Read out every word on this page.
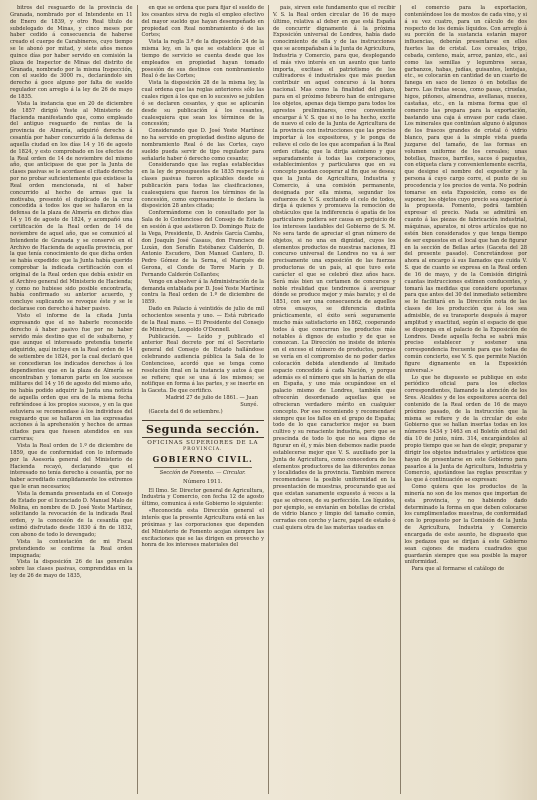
bitros del resguardo de la provincia de Granada, nombrado por el Intendente en 11 de Enero de 1839, y otro Real título de subdelegado de Minas, y cinco meses por haber cedido á consecuencia de haberse creado el cuerpo de Carabineros, cuyo tiempo se le abonó por mitad, y siete años menos quince días por haber servido en comisión la plaza de Inspector de Minas del distrito de Granada, nombrado por la misma Inspección, con el sueldo de 3000 rs., declarándolo sin derecho á goce alguno por falta de sueldo regulador con arreglo á la ley de 26 de mayo de 1835.

Vista la instancia que en 20 de diciembre de 1857 dirigió Yeste al Ministerio de Hacienda manifestando que, como empleado del antiguo resguardo de rentas de la provincia de Almería, adquirió derecho á cesantía por haber concurrido á la defensa de aquella ciudad en los días 14 y 16 de agosto de 1824, y esto comprobado en los efectos de la Real orden de 14 de noviembre del mismo año, que anticipase de que por la Junta de clases pasivas se le acordase el citado derecho por no probar suficientemente que existiese la Real orden mencionada, ni el haber concurrido al hecho de armas que la motivaba, presentó el duplicado de la cruz concedida á todos los que se hallaron en la defensa de la plaza de Almería en dichos días 14 y 16 de agosto de 1824, y acompañó una certificación de la Real orden de 14 de noviembre de aquel año, que se comunicó al Intendente de Granada y se conservó en el Archivo de Hacienda de aquella provincia, por la que tenía conocimiento de que dicha orden se había expedido: que la Junta había querido comprobar la indicada certificación con el original de la Real orden que debía existir en el Archivo general del Ministerio de Hacienda; y como no hubiese sido posible encontrarla, había confirmado su anterior acuerdo, y concluye suplicando se revoque éste y se le declarase con derecho á haber pasivo.

Visto el informe de la citada Junta expresando que el no haberle reconocido derecho á haber pasivo fue por no haber servido más destino que el de subalterno, y que aunque el interesado pretendía tenerle adquirido, aquí incluye en la Real orden de 14 de setiembre de 1824, por la cual declaró que se concedieran los indicados derechos á los dependientes que en la plaza de Almería se encontraban y tomaron parte en los sucesos militares del 14 y 16 de agosto del mismo año, no había podido adquirir la Junta una noticia de aquella orden que era de la misma fecha refiriéndose á los propios sucesos, y en la que estuviera se recomendase á los individuos del resguardo que se hallaron en las expresadas acciones á la aprehensión y hechos de armas citados para que fuesen atendidos en sus carreras;

Vista la Real orden de 1.º de diciembre de 1859, que de conformidad con lo informado por la Asesoría general del Ministerio de Hacienda recayó, declarando que el interesado no tenía derecho á cesantía, por no haber acreditado cumplidamente los extremos que le eran necesarios;

Vista la demanda presentada en el Consejo de Estado por el licenciado D. Manuel Malo de Molina, en nombre de D. José Yeste Martínez, solicitando la revocación de la indicada Real orden, y la concesión de la cesantía que estimó disfrutado desde 1830 á fin de 1832, con abono de todo lo devengado;

Vista la contestación de mi Fiscal pretendiendo se confirme la Real orden impugnada;

Vista la disposición 26 de las generales sobre las clases pasivas, comprendidas en la ley de 26 de mayo de 1835,

en que se ordena que para fijar el sueldo de los cesantes sirva de regla el empleo efectivo del mayor sueldo que hayan desempeñado en propiedad con Real nombramiento ó de las Cortes;

Vista la regla 3.ª de la disposición 24 de la misma ley, en la que se establece que el tiempo de servicio se cuenta desde que los empleados en propiedad hayan tomado posesión de sus destinos con nombramiento Real ó de las Cortes;

Vista la disposición 28 de la misma ley, la cual ordena que las reglas anteriores sólo las cuales rigen á los que en lo sucesivo se jubilen ó se declaren cesantes, y que se aplicarán desde su publicación á los cesantes, cualesquiera que sean los términos de la concesión;

Considerando que D. José Yeste Martínez no ha servido en propiedad destino alguno de nombramiento Real ó de las Cortes, cayo sueldo pueda servir de tipo regulador para señalarle haber ó derecho como cesante;

Considerando que las reglas establecidas en la ley de presupuestos de 1835 respecto á clases pasivas fueron aplicables desde su publicación para todas las clasificaciones, cualesquiera que fueron los términos de la concesión, como expresamente lo declara la disposición 28 antes citada;

Conformándome con lo consultado por la Sala de lo Contencioso del Consejo de Estado en sesión á que asistieron D. Domingo Ruiz de la Vega, Presidente, D. Andrés García Camba, don Joaquín José Casaus, don Francisco de Luxán, don Serafín Estébanez Calderón, D. Antonio Escudero, Don Manuel Cantero, D. Pedro Gómez de la Serna, el Marqués de Gerona, el Conde de Torre Marín y D. Fernando Calderón Collantes;

Vengo en absolver á la Administración de la demanda entablada por D. José Yeste Martínez contra la Real orden de 1.º de diciembre de 1859.

Dado en Palacio á veintidós de julio de mil ochocientos sesenta y uno. — Está rubricado de la Real mano. — El Presidente del Consejo de Ministros, Leopoldo O'Donnell.

Publicación. — Leído y publicado el anterior Real decreto por mí el Secretario general del Consejo de Estado hallándose celebrando audiencia pública la Sala de lo Contencioso, acordó que se tenga como resolución final en la instancia y autos á que se refiere; que se una á los mismos; se notifique en forma á las partes, y se inserte en la Gaceta. De que certifico.

Madrid 27 de julio de 1861. — Juan Sunyé.

(Gaceta del 6 de setiembre.)

Segunda sección.
OFICINAS SUPERIORES DE LA
PROVINCIA.
GOBIERNO CIVIL.
Sección de Fomento. — Circular.
Número 1911.

El Ilmo. Sr. Director general de Agricultura, Industria y Comercio, con fecha 12 de agosto último, comunica á este Gobierno lo siguiente:

«Reconocida esta Dirección general el interés que la presente Agricultura está en las próximas y las corporaciones que dependen del Ministerio de Fomento acojan siempre las excitaciones que se las dirigen en provecho y honra de los intereses materiales del

país, sirven este fundamento que el recibir V. S. la Real orden circular de 16 de mayo último, relativa al deber en que está España de concurrir dignamente á la próxima Exposición universal de Londres, había dado conocimiento de ella y de las instrucciones que se acompañaban á la Junta de Agricultura, Industria y Comercio, para que, desplegando el más vivo interés en un asunto que tanto importa, excitase el patriotismo de los cultivadores é industriales que más puedan contribuir en aquel concurso á la honra nacional. Mas como la finalidad del plazo, para en el próximo febrero han de entregarse los objetos, apenas deja tiempo para todos los aprestos preliminares, cree conveniente encargar á V. S. que si no lo ha hecho, excite de nuevo el celo de la Junta de Agricultura de la provincia con instrucciones que las preciso importar á los expositores, y le ponga de relieve el celo de los que acompañan á la Real orden citada; que la dirija asimismo y que separadamente á todas las corporaciones, establecimientos y particulares que en su concepto puedan cooperar al fin que se desea; que la Junta de Agricultura, Industria y Comercio, á una comisión permanente, designada por ella misma, segundar los esfuerzos de V. S. excitando el celo de todos, dirija á quienes y promueva la remoción de obstáculos que la indiferencia ó apatía de los particulares pudiera ser causa en perjuicio de los intereses laudables del Gobierno de S. M. No sera tarde de apreciar el gran número de objetos, si no una en dignidad, cuyos los elementos productos de nuestras naciones, El concurso universal de Londres no va á ser precisamente una exposición de las fuerzas productoras de un país, al que tuvo este carácter el que se celebró diez años hace. Será más bien un certamen de concursos y noble rivalidad que tendremos á averiguar dónde se produce mejor y más barato; y el de 1851, con ser una consecuencia de aquellos otros ensayos, se diferencia distinta prácticamente, el éxito será seguramente mucho más satisfactorio en 1862, cooperando todos á que concurran los productos más notables á dignos de estudio y de que se conozcan. La Dirección no insiste de interés en el exceso el número de productos, porque se vería en el compromiso de no poder darles colocación debida atendiendo al limitado espacio concedido á cada Nación, y porque además es el número que sin la harían de ella en España, y uno más ocupándose en el palacio mismo de Londres, también que ofrecerán desordenado aquellas que se ofrecieran verdadero mérito en cualquier concepto. Por eso recomiendo y recomendaré siempre que los fallos en el grupo de España; todo de lo que caracterice mejor su buen cultivo y su renaciente industria, pero que se prescinda de todo lo que no sea digno de figurar en él, y más bien debemos nadie puede establecerse mejor que V. S. auxiliado por la Junta de Agricultura, como conocedora de los elementos productores de las diferentes zonas y localidades de la provincia. También merece recomendarse la posible uniformidad en la presentación de muestras, procurando que así que existan sanamente expuesto á veces a la que se ofrecen, de su perfección. Los líquidos, por ejemplo, se enviarán en botellas de cristal de vidrio blanco y limpio del tamaño común, cerradas con corcho y lacre, papel de estaño ó cual quiera otra de las materias usadas en

el comercio para la exportación, conteniéndose los de mostos de cada vino, y si á su vez cuatro, para un cálculo de dos respecto de los demás líquidos. Con arreglo á su porción de la sustancia estarán mayor influencias, deberán presentarse en ellos fuertes las de cristal. Los cereales, trigo, cebada, centeno, maíz, arroz, panizo, etc., así como las semillas y legumbres secas, garbanzos, habas, judías, guisantes, lentejas, etc., se colocarán en cantidad de un cuarto de fanega en saco de lienzo ó en botellas de barro. Las frutas secas, como pasas, ciruelas, higos, piñones, almendras, avellanas, nueces, castañas, etc., en la misma forma que el comercio las prepara para la exportación, bastando una caja á envase por cada clase. Los minerales que continúan alguno ó algunos de los frascos grandes de cristal ó vidrio blanco, para que á la simple vista pueda juzgarse del tamaño, de las formas en volumen uniforme de los cereales; unas botellas, frascos, barriles, sacos ó paquetes, con etiqueta clara y convenientemente escrita, que designe el nombre del expositor y la persona á cuyo cargo corre, el punto de su procedencia y los precios de venta. No podrán tomarse en esta Exposición, como es de suponer, los objetos cuyo precio sea superior á la propuesta. Fomento, podrá también expresar el precio. Nada se admitirá en cuanto á las piezas de fabricación industrial, máquinas, aparatos, ni otros artículos que no estén bien considerados y que tenga tiempo de ser expuestos en el local que han de figurar en la sección de Bellas artes (Gaceta del 28 del presente pasado). Concretándose por ahora al encargo á sus llamados que cuida V. S. que de cuanto se expresa en la Real orden de 16 de mayo, y de la Comisión dirigirá cuantas instrucciones estimen conducentes, y tomará las medidas que considere oportunas para que antes del 30 del inmediato setiembre se le facilitará en la Dirección nota de las clases de los producción que á los sea admisible, de su transporte después á mayor amplitud y exactitud, según el espacio de que se disponga en el palacio de la Exposición de Londres. Desde aquella fecha se sabrá más preciso establecer y sostener una correspondencia frecuente para que todas de común concierto, ese V. S. que permite Nación figure dignamente en la Exposición universal.»

Lo que he dispuesto se publique en este periódico oficial para los efectos correspondientes, llamando la atención de los Sres. Alcaldes y de los expositores acerca del contenido de la Real orden de 16 de mayo próximo pasado, de la instrucción que la misma se refiere y de la circular de este Gobierno que se hallan insertas todas en los números 1434 y 1463 en el Boletín oficial del día 10 de junio, núm. 314, encargándoles al propio tiempo que se han de elegir, preparar y dirigir los objetos industriales y artísticos que hayan de presentarse en este Gobierno para pasarlos á la Junta de Agricultura, Industria y Comercio, ajustándose las reglas prescritas y las que á continuación se expresan:

Como quiera que los productos de la minería no son de los menos que importan de esta provincia, y no habiendo dado determinado la forma en que deben colocarse los cumplimentados muestras, de conformidad con lo propuesto por la Comisión de la Junta de Agricultura, Industria y Comercio encargada de este asunto, he dispuesto que los pedazos que se dirijan á este Gobierno sean cajones de madera cuadrados que guardarán siempre que sea posible la mayor uniformidad.

Para que al formarse el catálogo de
